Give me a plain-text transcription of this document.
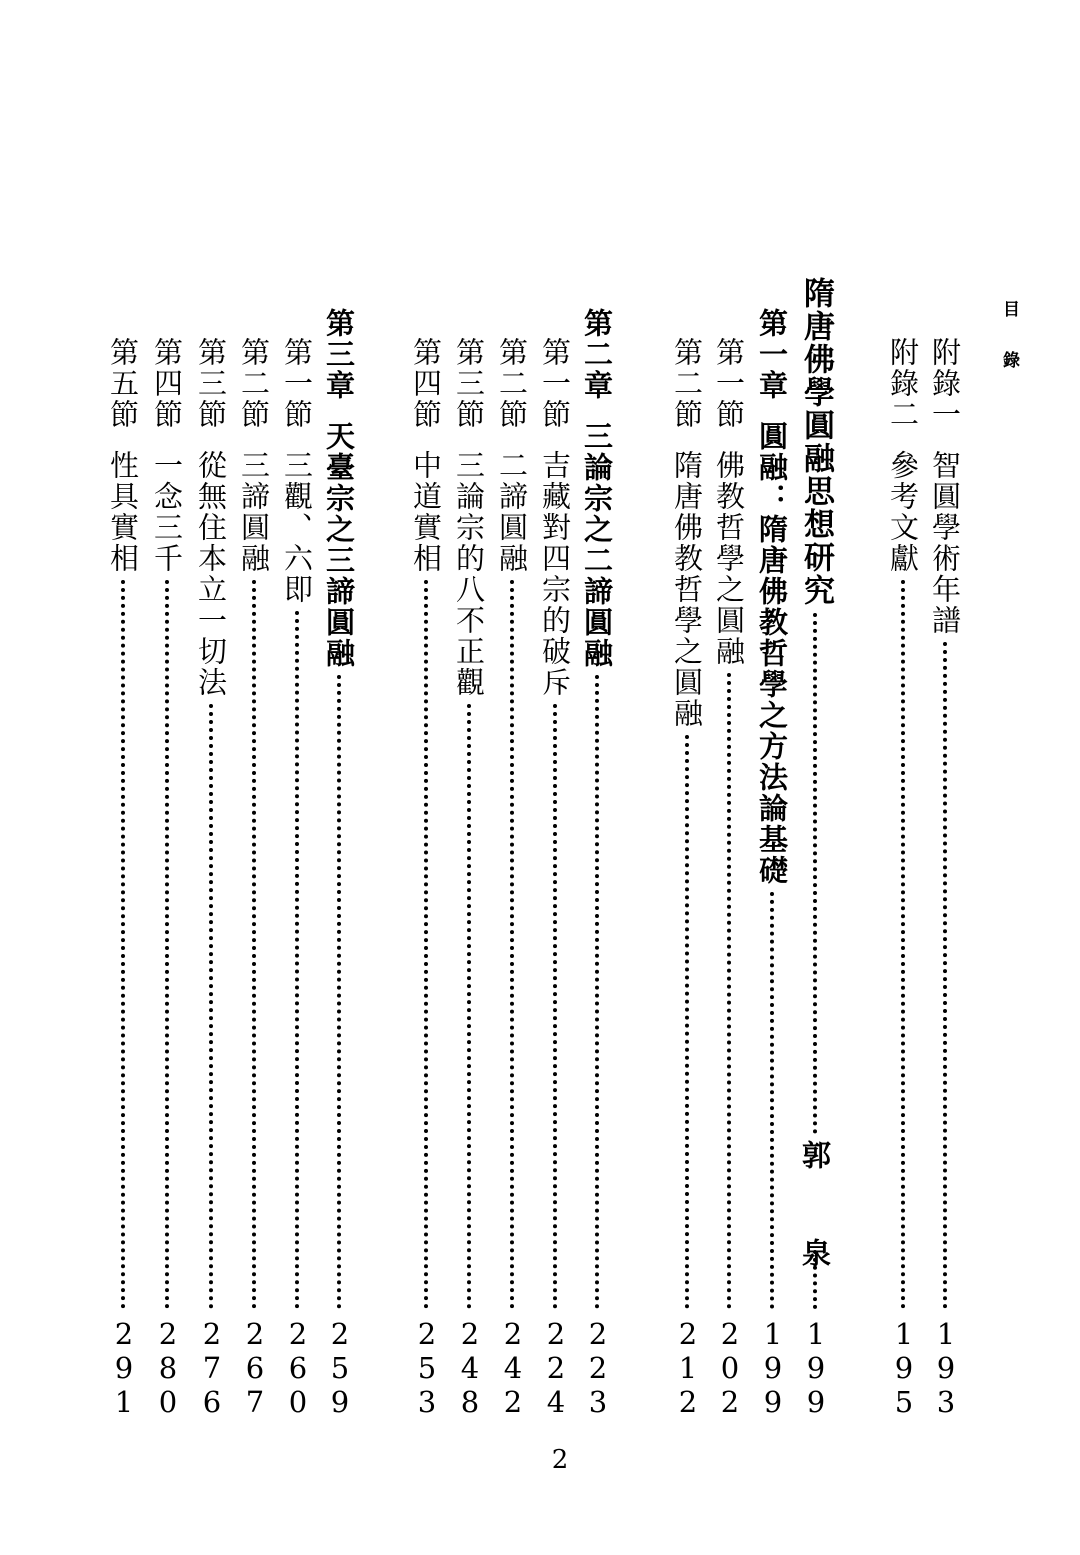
目　　錄
附錄一
智圓學術年譜
193
附錄二
參考文獻
195
隋唐佛學圓融思想研究
郭　泉
199
第一章
圓融：隋唐佛教哲學之方法論基礎
199
第一節
佛教哲學之圓融
202
第二節
隋唐佛教哲學之圓融
212
第二章
三論宗之二諦圓融
223
第一節
吉藏對四宗的破斥
224
第二節
二諦圓融
242
第三節
三論宗的八不正觀
248
第四節
中道實相
253
第三章
天臺宗之三諦圓融
259
第一節
三觀、六即
260
第二節
三諦圓融
267
第三節
從無住本立一切法
276
第四節
一念三千
280
第五節
性具實相
291
2
